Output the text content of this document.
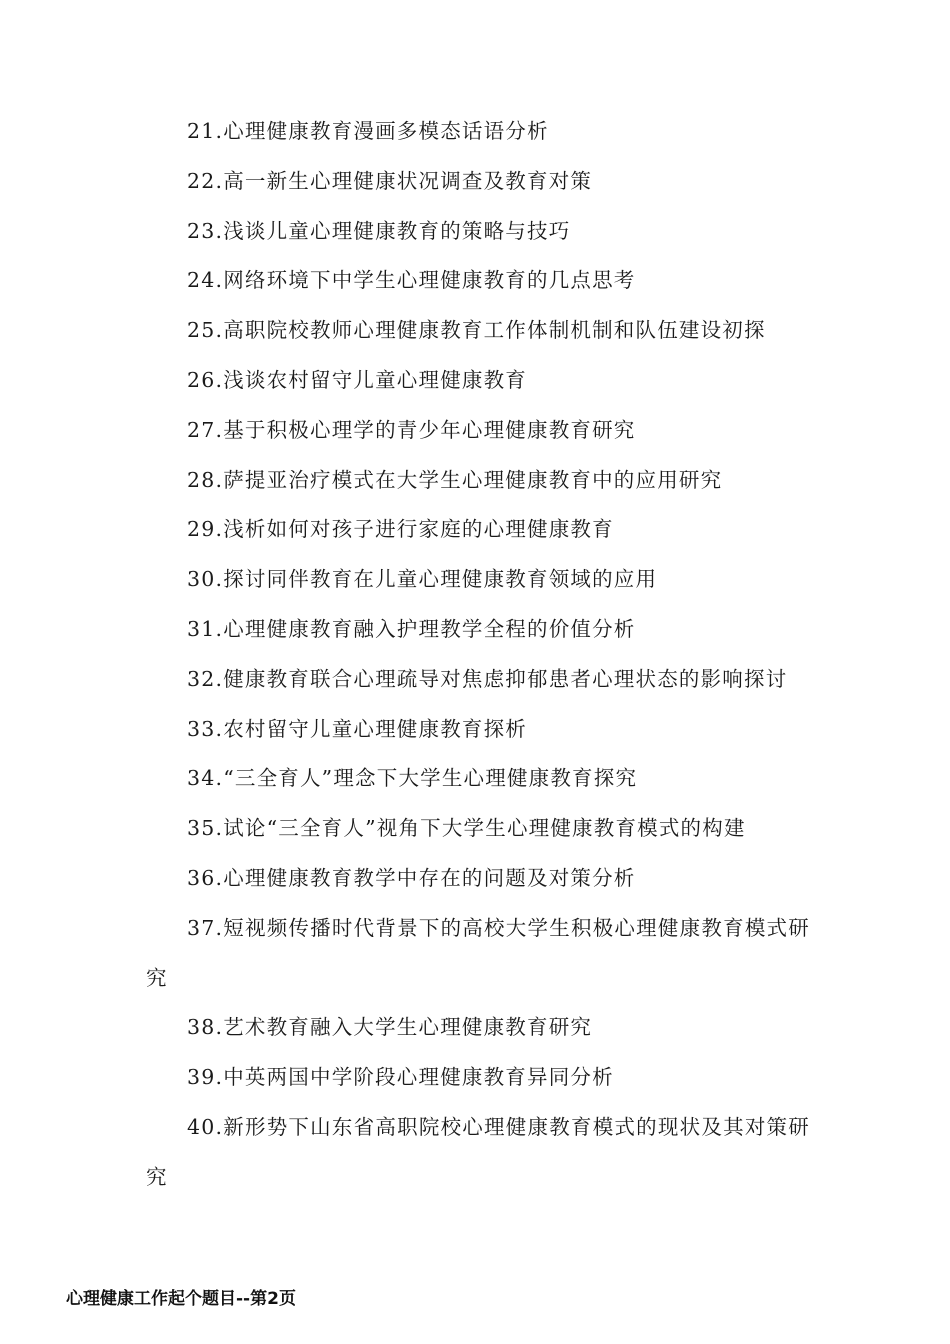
21.心理健康教育漫画多模态话语分析

22.高一新生心理健康状况调查及教育对策

23.浅谈儿童心理健康教育的策略与技巧

24.网络环境下中学生心理健康教育的几点思考

25.高职院校教师心理健康教育工作体制机制和队伍建设初探

26.浅谈农村留守儿童心理健康教育

27.基于积极心理学的青少年心理健康教育研究

28.萨提亚治疗模式在大学生心理健康教育中的应用研究

29.浅析如何对孩子进行家庭的心理健康教育

30.探讨同伴教育在儿童心理健康教育领域的应用

31.心理健康教育融入护理教学全程的价值分析

32.健康教育联合心理疏导对焦虑抑郁患者心理状态的影响探讨

33.农村留守儿童心理健康教育探析

34.“三全育人”理念下大学生心理健康教育探究

35.试论“三全育人”视角下大学生心理健康教育模式的构建

36.心理健康教育教学中存在的问题及对策分析

37.短视频传播时代背景下的高校大学生积极心理健康教育模式研究

38.艺术教育融入大学生心理健康教育研究

39.中英两国中学阶段心理健康教育异同分析

40.新形势下山东省高职院校心理健康教育模式的现状及其对策研究

心理健康工作起个题目--第2页
